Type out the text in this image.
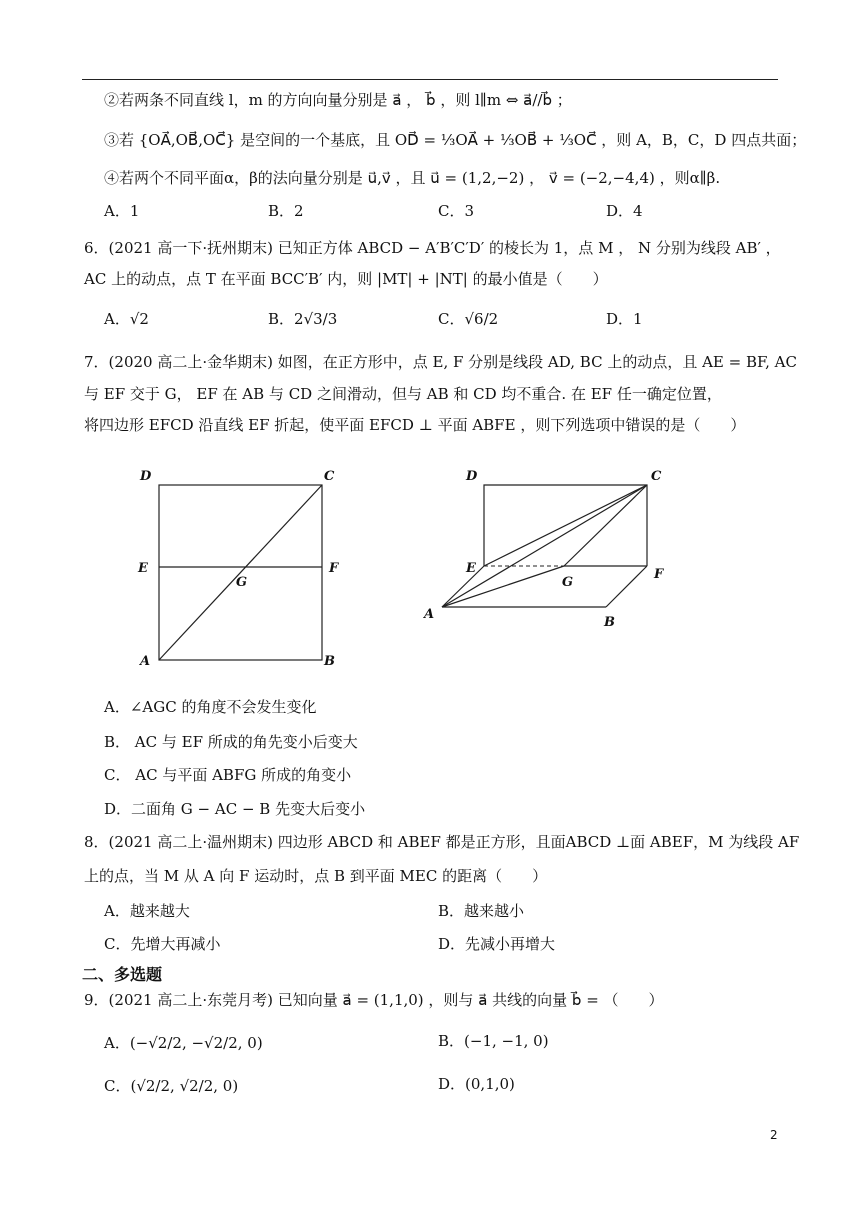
②若两条不同直线 l，m 的方向向量分别是 a⃗ ， b⃗ ，则 l∥m ⇔ a⃗//b⃗ ；
③若 {OA⃗,OB⃗,OC⃗} 是空间的一个基底，且 OD⃗ = ⅓OA⃗ + ⅓OB⃗ + ⅓OC⃗ ，则 A，B，C，D 四点共面；
④若两个不同平面α，β的法向量分别是 u⃗,v⃗ ，且 u⃗ = (1,2,−2) ， v⃗ = (−2,−4,4) ，则α∥β.
A．1	B．2	C．3	D．4
6．(2021 高一下·抚州期末) 已知正方体 ABCD − A′B′C′D′ 的棱长为 1，点 M ， N 分别为线段 AB′ ，
AC 上的动点，点 T 在平面 BCC′B′ 内，则 |MT| + |NT| 的最小值是（　　）
A．√2	B．2√3/3	C．√6/2	D．1
7．(2020 高二上·金华期末) 如图，在正方形中，点 E, F 分别是线段 AD, BC 上的动点，且 AE = BF, AC
与 EF 交于 G， EF 在 AB 与 CD 之间滑动，但与 AB 和 CD 均不重合. 在 EF 任一确定位置，
将四边形 EFCD 沿直线 EF 折起，使平面 EFCD ⊥ 平面 ABFE ，则下列选项中错误的是（　　）
D	C
E	F
G
A	B
D	C
E	F
G
A
B
A．∠AGC 的角度不会发生变化
B． AC 与 EF 所成的角先变小后变大
C． AC 与平面 ABFG 所成的角变小
D．二面角 G − AC − B 先变大后变小
8．(2021 高二上·温州期末) 四边形 ABCD 和 ABEF 都是正方形，且面ABCD ⊥面 ABEF，M 为线段 AF
上的点，当 M 从 A 向 F 运动时，点 B 到平面 MEC 的距离（　　）
A．越来越大	B．越来越小
C．先增大再减小	D．先减小再增大
二、多选题
9．(2021 高二上·东莞月考) 已知向量 a⃗ = (1,1,0) ，则与 a⃗ 共线的向量 b⃗ = （　　）
A．(−√2/2, −√2/2, 0)	B．(−1, −1, 0)
C．(√2/2, √2/2, 0)	D．(0,1,0)
2
